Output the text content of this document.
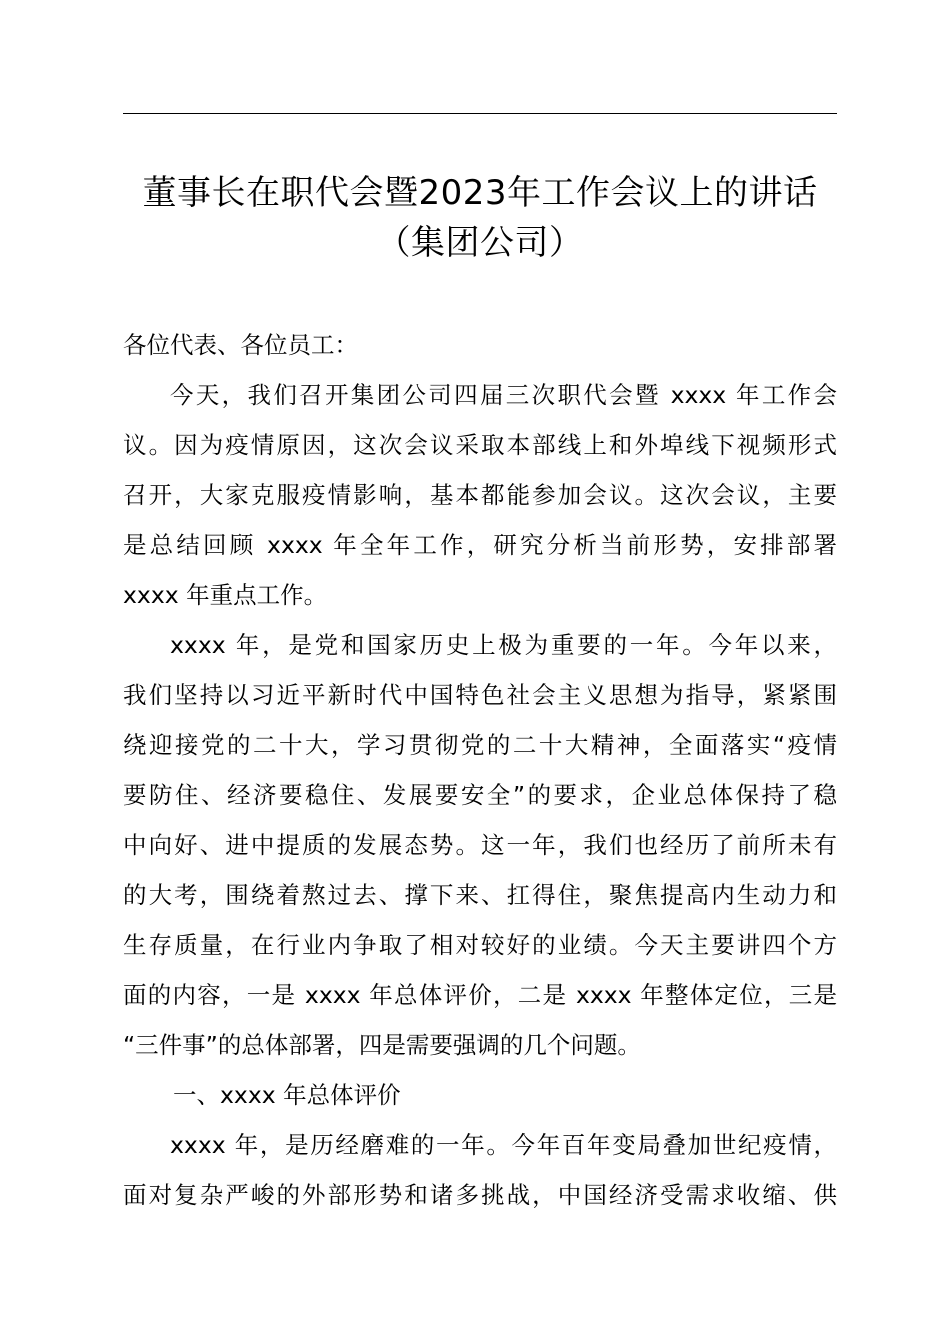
董事长在职代会暨2023年工作会议上的讲话
（集团公司）
各位代表、各位员工：
今天，我们召开集团公司四届三次职代会暨 xxxx 年工作会
议。因为疫情原因，这次会议采取本部线上和外埠线下视频形式
召开，大家克服疫情影响，基本都能参加会议。这次会议，主要
是总结回顾 xxxx 年全年工作，研究分析当前形势，安排部署
xxxx 年重点工作。
xxxx 年，是党和国家历史上极为重要的一年。今年以来，
我们坚持以习近平新时代中国特色社会主义思想为指导，紧紧围
绕迎接党的二十大，学习贯彻党的二十大精神，全面落实“疫情
要防住、经济要稳住、发展要安全”的要求，企业总体保持了稳
中向好、进中提质的发展态势。这一年，我们也经历了前所未有
的大考，围绕着熬过去、撑下来、扛得住，聚焦提高内生动力和
生存质量，在行业内争取了相对较好的业绩。今天主要讲四个方
面的内容，一是 xxxx 年总体评价，二是 xxxx 年整体定位，三是
“三件事”的总体部署，四是需要强调的几个问题。
一、xxxx 年总体评价
xxxx 年，是历经磨难的一年。今年百年变局叠加世纪疫情，
面对复杂严峻的外部形势和诸多挑战，中国经济受需求收缩、供
